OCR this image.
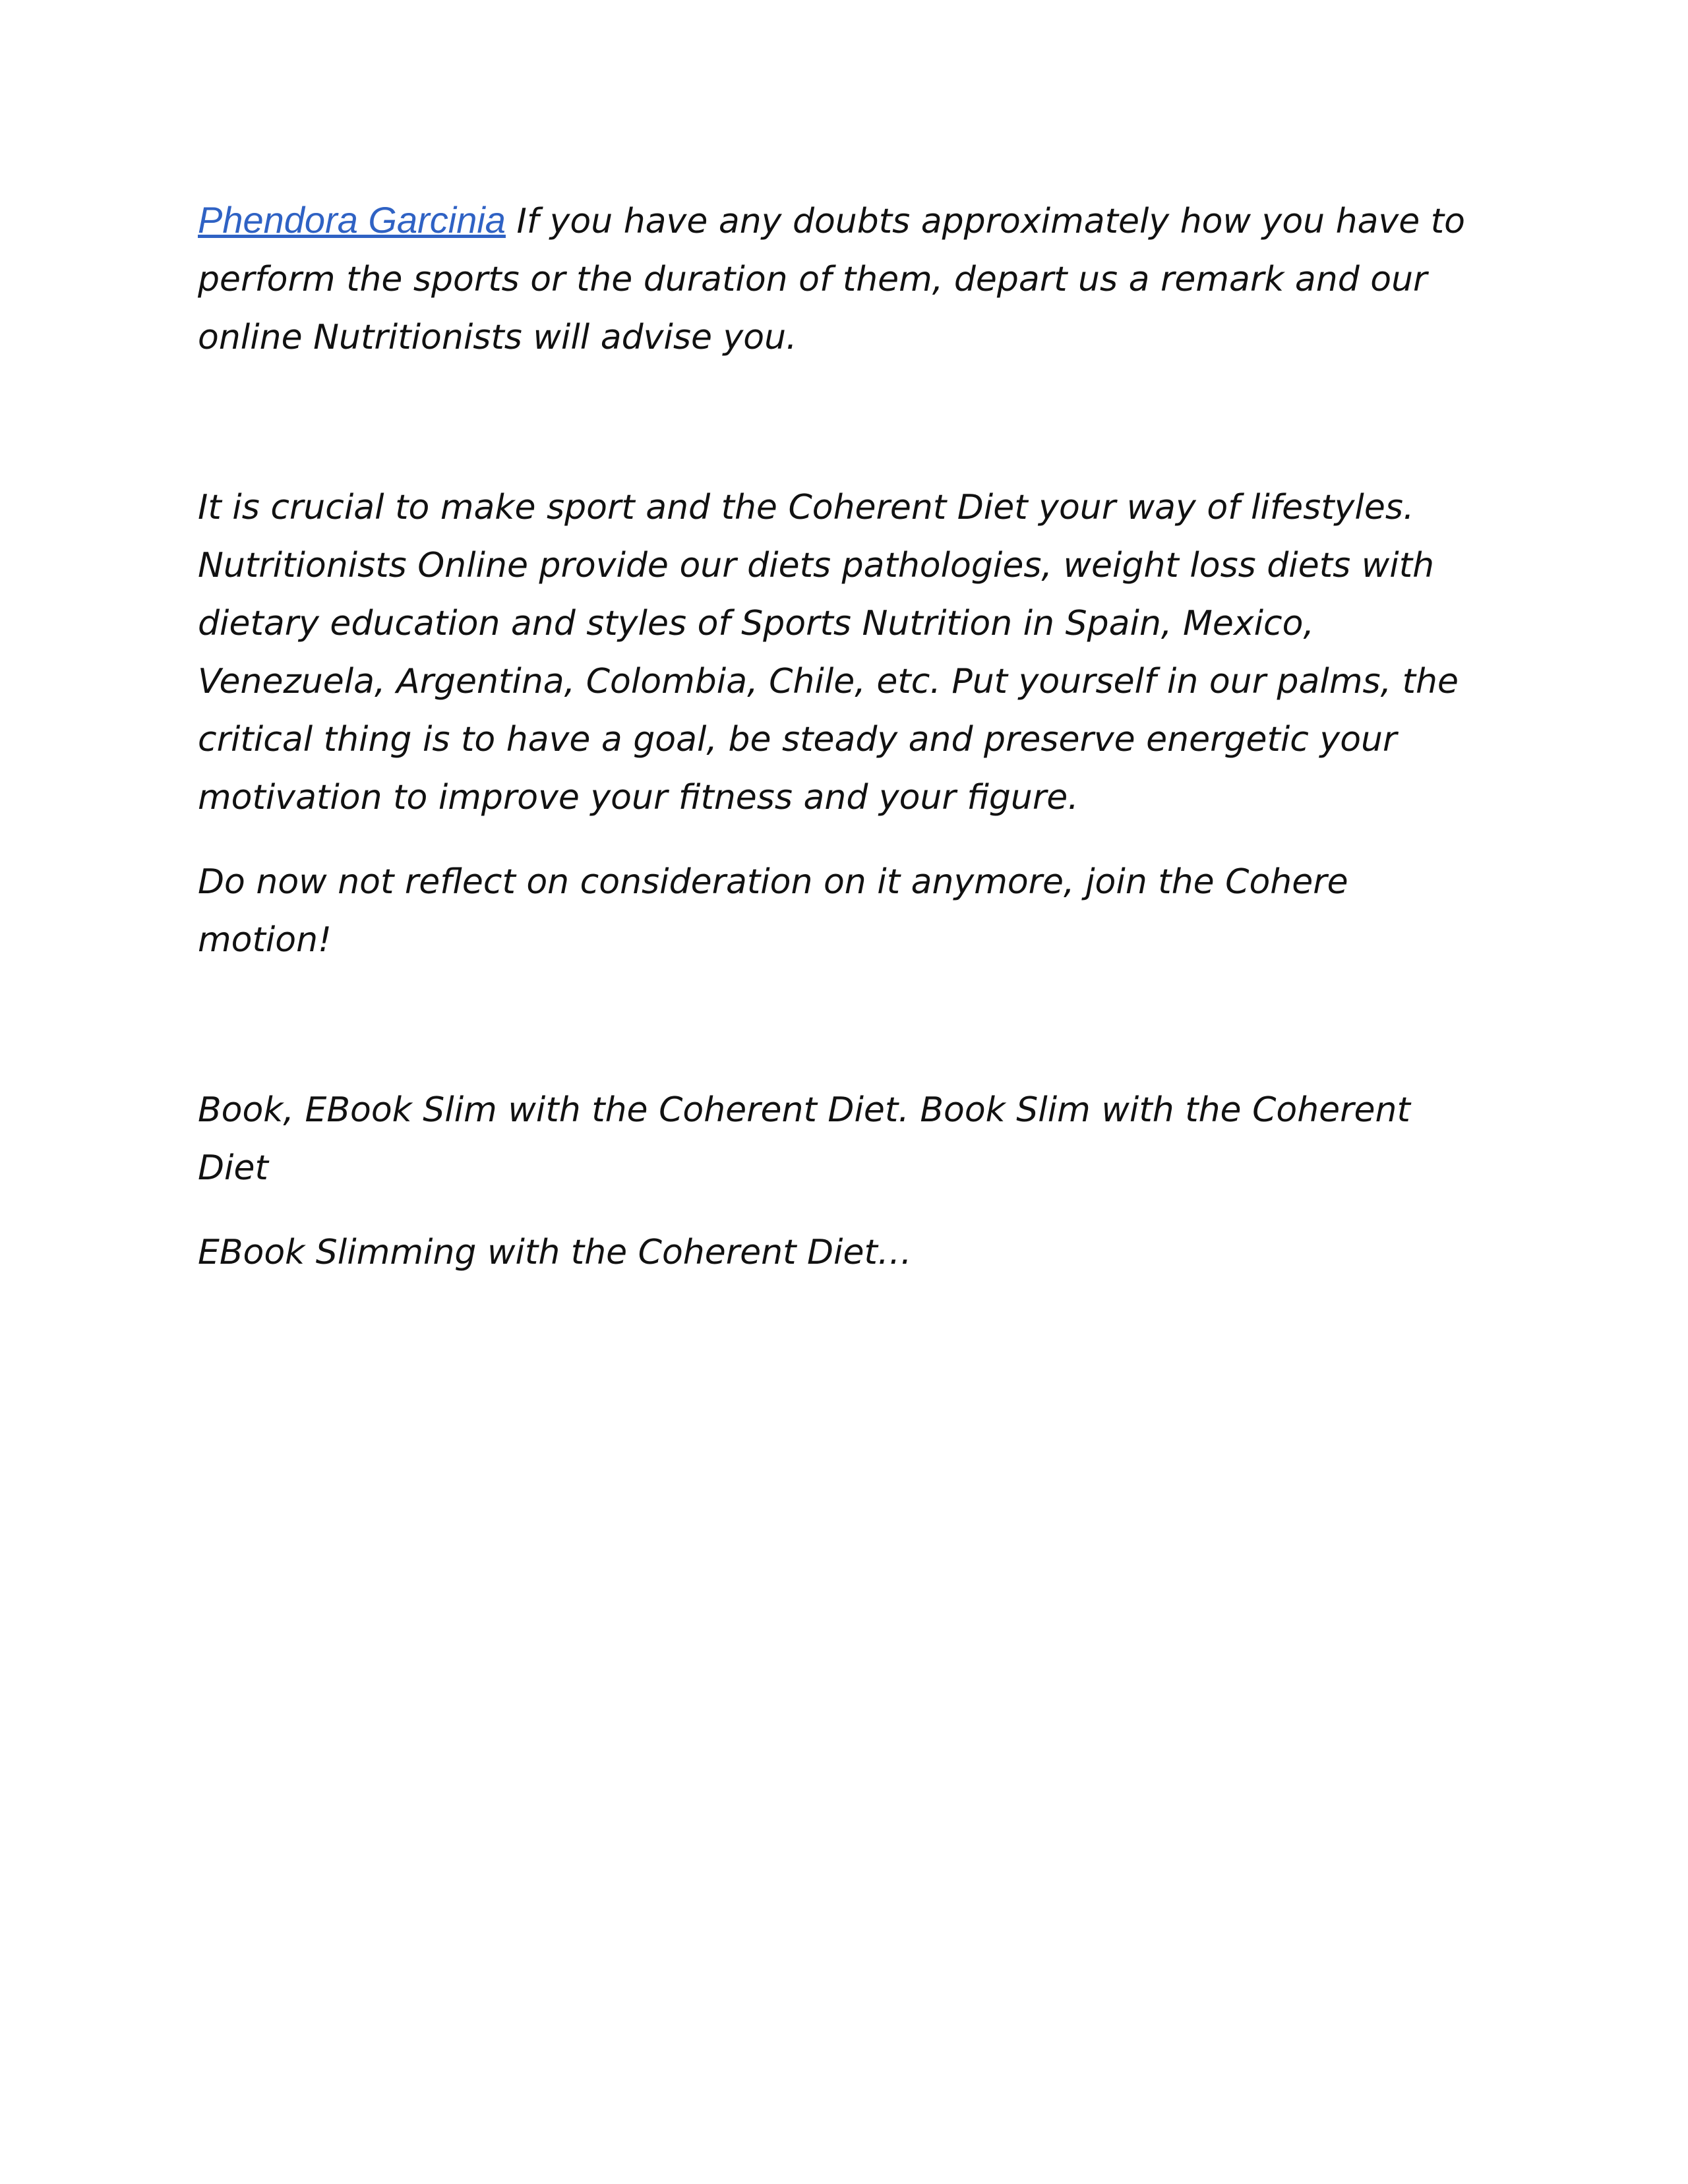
Phendora Garcinia If you have any doubts approximately how you have to perform the sports or the duration of them, depart us a remark and our online Nutritionists will advise you.

It is crucial to make sport and the Coherent Diet your way of lifestyles. Nutritionists Online provide our diets pathologies, weight loss diets with dietary education and styles of Sports Nutrition in Spain, Mexico, Venezuela, Argentina, Colombia, Chile, etc. Put yourself in our palms, the critical thing is to have a goal, be steady and preserve energetic your motivation to improve your fitness and your figure.

Do now not reflect on consideration on it anymore, join the Cohere motion!

Book, EBook Slim with the Coherent Diet. Book Slim with the Coherent Diet

EBook Slimming with the Coherent Diet…
